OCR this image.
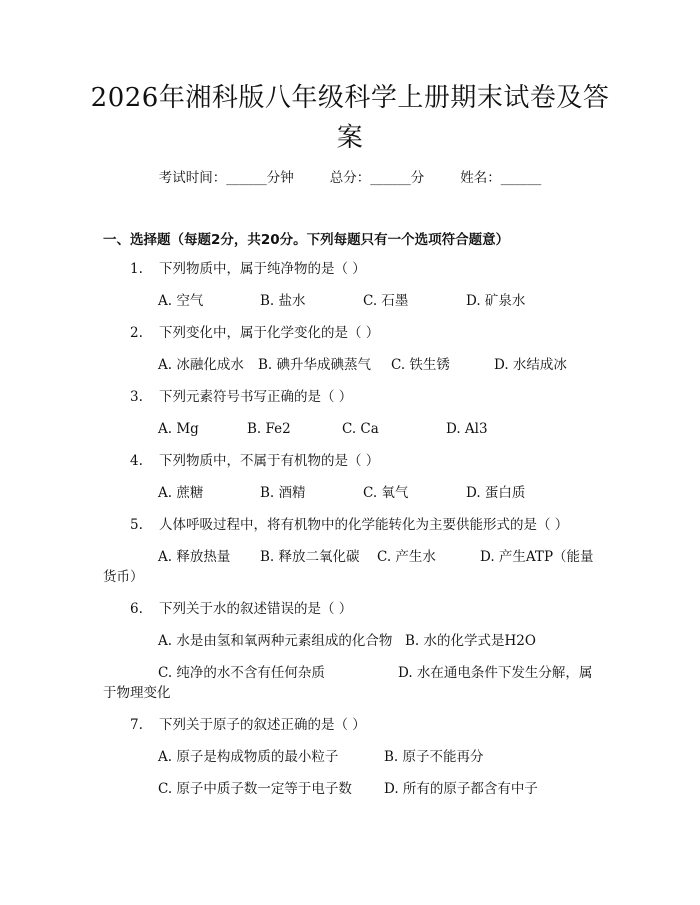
2026年湘科版八年级科学上册期末试卷及答
案
考试时间：______分钟	总分：______分	姓名：______
一、选择题（每题2分，共20分。下列每题只有一个选项符合题意）
1. 下列物质中，属于纯净物的是（ ）
A. 空气	B. 盐水	C. 石墨	D. 矿泉水
2. 下列变化中，属于化学变化的是（ ）
A. 冰融化成水 B. 碘升华成碘蒸气 C. 铁生锈	D. 水结成冰
3. 下列元素符号书写正确的是（ ）
A. Mg	B. Fe2	C. Ca	D. Al3
4. 下列物质中，不属于有机物的是（ ）
A. 蔗糖	B. 酒精	C. 氧气	D. 蛋白质
5. 人体呼吸过程中，将有机物中的化学能转化为主要供能形式的是（ ）
A. 释放热量 B. 释放二氧化碳 C. 产生水	D. 产生ATP（能量
货币）
6. 下列关于水的叙述错误的是（ ）
A. 水是由氢和氧两种元素组成的化合物 B. 水的化学式是H2O
C. 纯净的水不含有任何杂质	D. 水在通电条件下发生分解，属
于物理变化
7. 下列关于原子的叙述正确的是（ ）
A. 原子是构成物质的最小粒子	B. 原子不能再分
C. 原子中质子数一定等于电子数 D. 所有的原子都含有中子
